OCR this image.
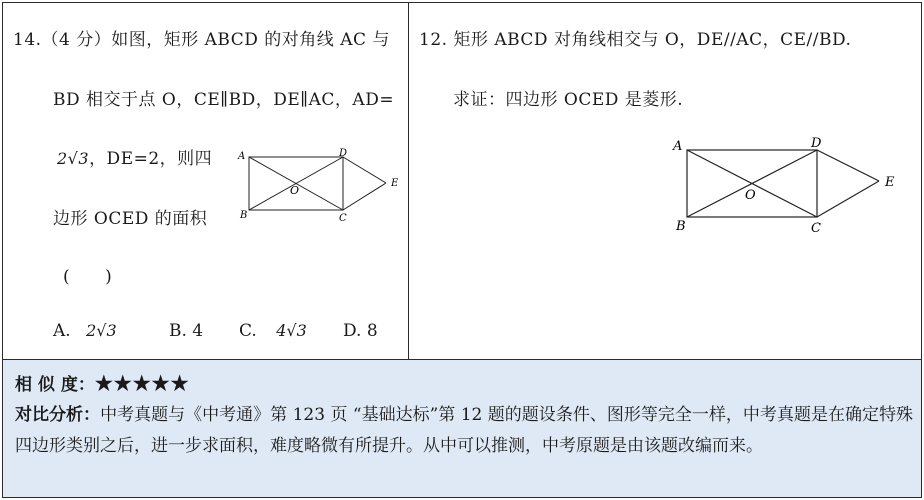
14.（4 分）如图，矩形 ABCD 的对角线 AC 与
BD 相交于点 O，CE∥BD，DE∥AC，AD=
2√3，DE=2，则四
边形 OCED 的面积
(　　)
A. 2√3	B. 4 C. 4√3 D. 8
A
B	C
D
O
E
12. 矩形 ABCD 对角线相交与 O，DE//AC，CE//BD.
求证：四边形 OCED 是菱形.
A
B	C
D
O
E
相 似 度：★★★★★
对比分析：中考真题与《中考通》第 123 页 “基础达标”第 12 题的题设条件、图形等完全一样，中考真题是在确定特殊四边形类别之后，进一步求面积，难度略微有所提升。从中可以推测，中考原题是由该题改编而来。
